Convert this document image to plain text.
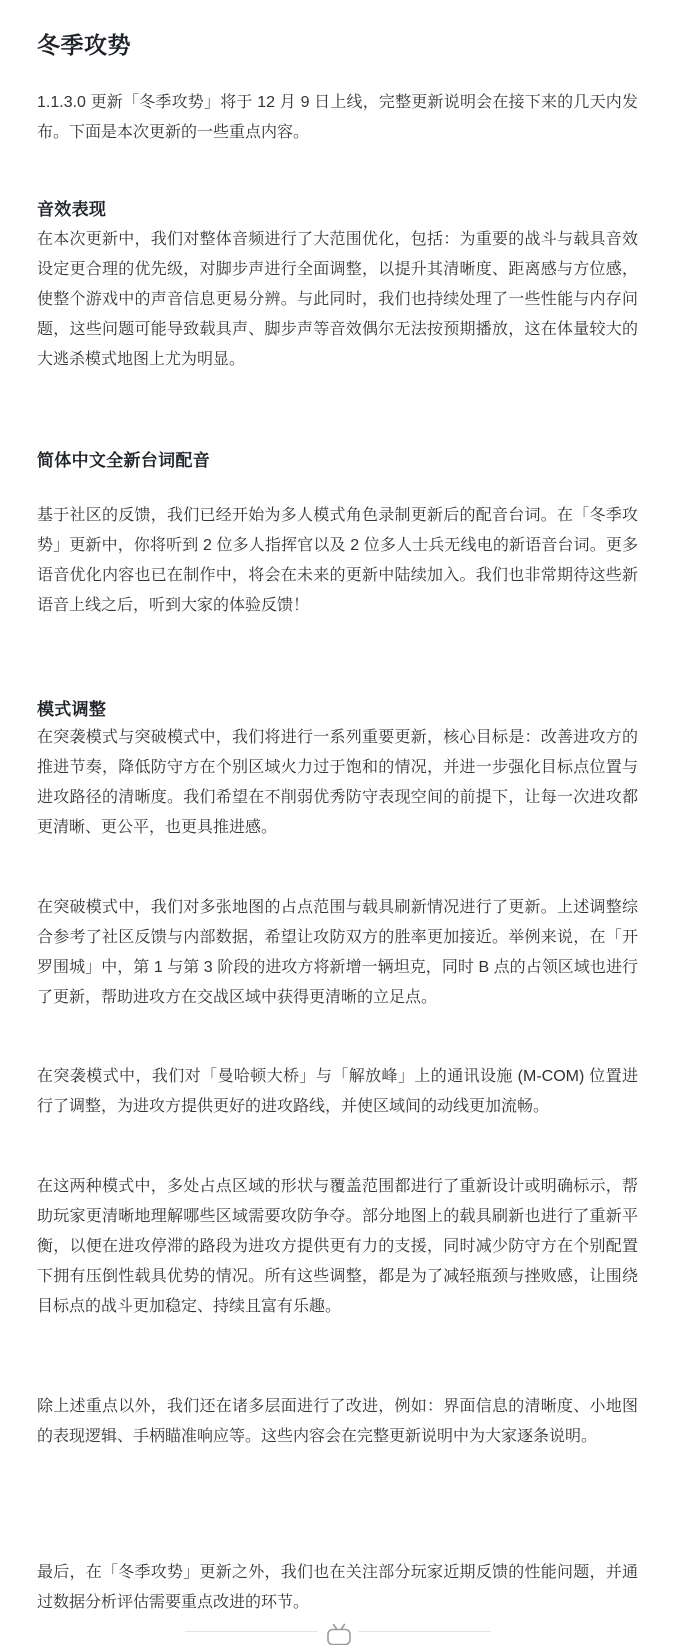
冬季攻势

1.1.3.0 更新「冬季攻势」将于 12 月 9 日上线，完整更新说明会在接下来的几天内发布。下面是本次更新的一些重点内容。

音效表现

在本次更新中，我们对整体音频进行了大范围优化，包括：为重要的战斗与载具音效设定更合理的优先级，对脚步声进行全面调整，以提升其清晰度、距离感与方位感，使整个游戏中的声音信息更易分辨。与此同时，我们也持续处理了一些性能与内存问题，这些问题可能导致载具声、脚步声等音效偶尔无法按预期播放，这在体量较大的大逃杀模式地图上尤为明显。

简体中文全新台词配音

基于社区的反馈，我们已经开始为多人模式角色录制更新后的配音台词。在「冬季攻势」更新中，你将听到 2 位多人指挥官以及 2 位多人士兵无线电的新语音台词。更多语音优化内容也已在制作中，将会在未来的更新中陆续加入。我们也非常期待这些新语音上线之后，听到大家的体验反馈！

模式调整

在突袭模式与突破模式中，我们将进行一系列重要更新，核心目标是：改善进攻方的推进节奏，降低防守方在个别区域火力过于饱和的情况，并进一步强化目标点位置与进攻路径的清晰度。我们希望在不削弱优秀防守表现空间的前提下，让每一次进攻都更清晰、更公平，也更具推进感。

在突破模式中，我们对多张地图的占点范围与载具刷新情况进行了更新。上述调整综合参考了社区反馈与内部数据，希望让攻防双方的胜率更加接近。举例来说，在「开罗围城」中，第 1 与第 3 阶段的进攻方将新增一辆坦克，同时 B 点的占领区域也进行了更新，帮助进攻方在交战区域中获得更清晰的立足点。

在突袭模式中，我们对「曼哈顿大桥」与「解放峰」上的通讯设施 (M-COM) 位置进行了调整，为进攻方提供更好的进攻路线，并使区域间的动线更加流畅。

在这两种模式中，多处占点区域的形状与覆盖范围都进行了重新设计或明确标示，帮助玩家更清晰地理解哪些区域需要攻防争夺。部分地图上的载具刷新也进行了重新平衡，以便在进攻停滞的路段为进攻方提供更有力的支援，同时减少防守方在个别配置下拥有压倒性载具优势的情况。所有这些调整，都是为了减轻瓶颈与挫败感，让围绕目标点的战斗更加稳定、持续且富有乐趣。

除上述重点以外，我们还在诸多层面进行了改进，例如：界面信息的清晰度、小地图的表现逻辑、手柄瞄准响应等。这些内容会在完整更新说明中为大家逐条说明。

最后，在「冬季攻势」更新之外，我们也在关注部分玩家近期反馈的性能问题，并通过数据分析评估需要重点改进的环节。
